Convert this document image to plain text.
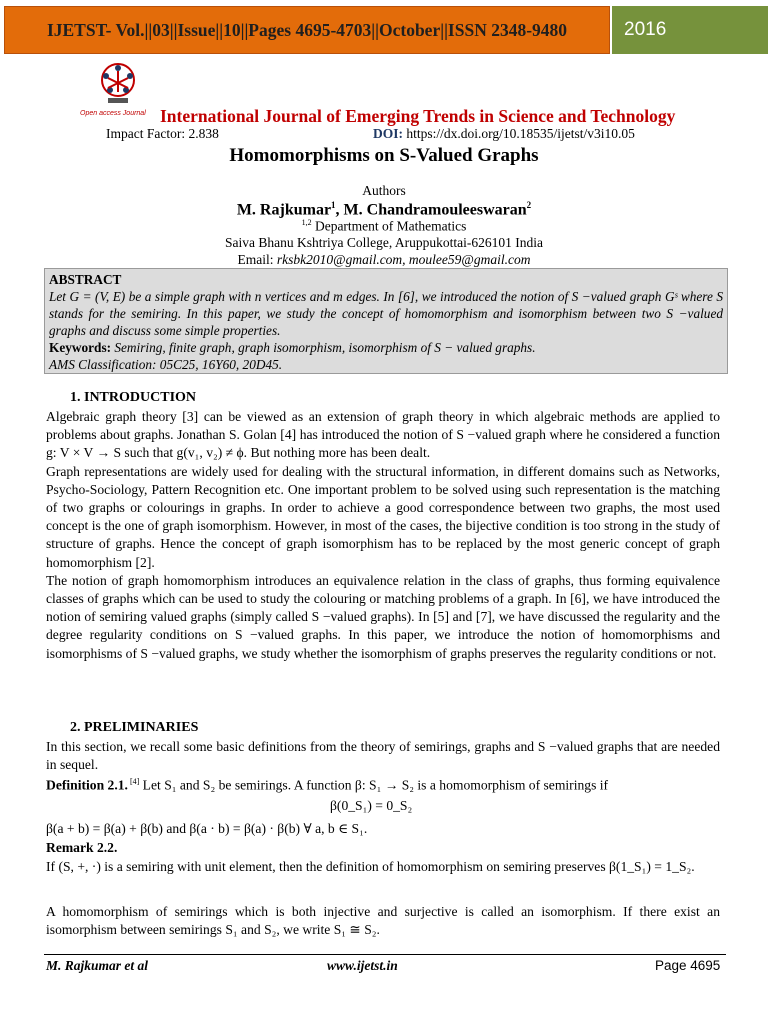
IJETST- Vol.||03||Issue||10||Pages 4695-4703||October||ISSN 2348-9480	2016
Open access Journal International Journal of Emerging Trends in Science and Technology
Impact Factor: 2.838	DOI: https://dx.doi.org/10.18535/ijetst/v3i10.05
Homomorphisms on S-Valued Graphs
Authors
M. Rajkumar$^1$, M. Chandramouleeswaran$^2$
$^{1,2}$ Department of Mathematics
Saiva Bhanu Kshtriya College, Aruppukottai-626101 India
Email: rksbk2010@gmail.com, moulee59@gmail.com
ABSTRACT
Let G = (V, E) be a simple graph with n vertices and m edges. In [6], we introduced the notion of S −valued graph Gˢ where S stands for the semiring. In this paper, we study the concept of homomorphism and isomorphism between two S −valued graphs and discuss some simple properties.
Keywords: Semiring, finite graph, graph isomorphism, isomorphism of S − valued graphs.
AMS Classification: 05C25, 16Y60, 20D45.
1. INTRODUCTION

Algebraic graph theory [3] can be viewed as an extension of graph theory in which algebraic methods are applied to problems about graphs. Jonathan S. Golan [4] has introduced the notion of S −valued graph where he considered a function g: V × V → S such that g(v₁, v₂) ≠ ϕ. But nothing more has been dealt.

Graph representations are widely used for dealing with the structural information, in different domains such as Networks, Psycho-Sociology, Pattern Recognition etc. One important problem to be solved using such representation is the matching of two graphs or colourings in graphs. In order to achieve a good correspondence between two graphs, the most used concept is the one of graph isomorphism. However, in most of the cases, the bijective condition is too strong in the study of structure of graphs. Hence the concept of graph isomorphism has to be replaced by the most generic concept of graph homomorphism [2].

The notion of graph homomorphism introduces an equivalence relation in the class of graphs, thus forming equivalence classes of graphs which can be used to study the colouring or matching problems of a graph. In [6], we have introduced the notion of semiring valued graphs (simply called S −valued graphs). In [5] and [7], we have discussed the regularity and the degree regularity conditions on S −valued graphs. In this paper, we introduce the notion of homomorphisms and isomorphisms of S −valued graphs, we study whether the isomorphism of graphs preserves the regularity conditions or not.

2. PRELIMINARIES
In this section, we recall some basic definitions from the theory of semirings, graphs and S −valued graphs that are needed in sequel.
Definition 2.1. [4] Let S₁ and S₂ be semirings. A function β: S₁ → S₂ is a homomorphism of semirings if
β(0_S₁) = 0_S₂
β(a + b) = β(a) + β(b) and β(a · b) = β(a) · β(b) ∀ a, b ∈ S₁.
Remark 2.2.
If (S, +, ·) is a semiring with unit element, then the definition of homomorphism on semiring preserves β(1_S₁) = 1_S₂.
A homomorphism of semirings which is both injective and surjective is called an isomorphism. If there exist an isomorphism between semirings S₁ and S₂, we write S₁ ≅ S₂.
M. Rajkumar et al	www.ijetst.in	Page 4695
